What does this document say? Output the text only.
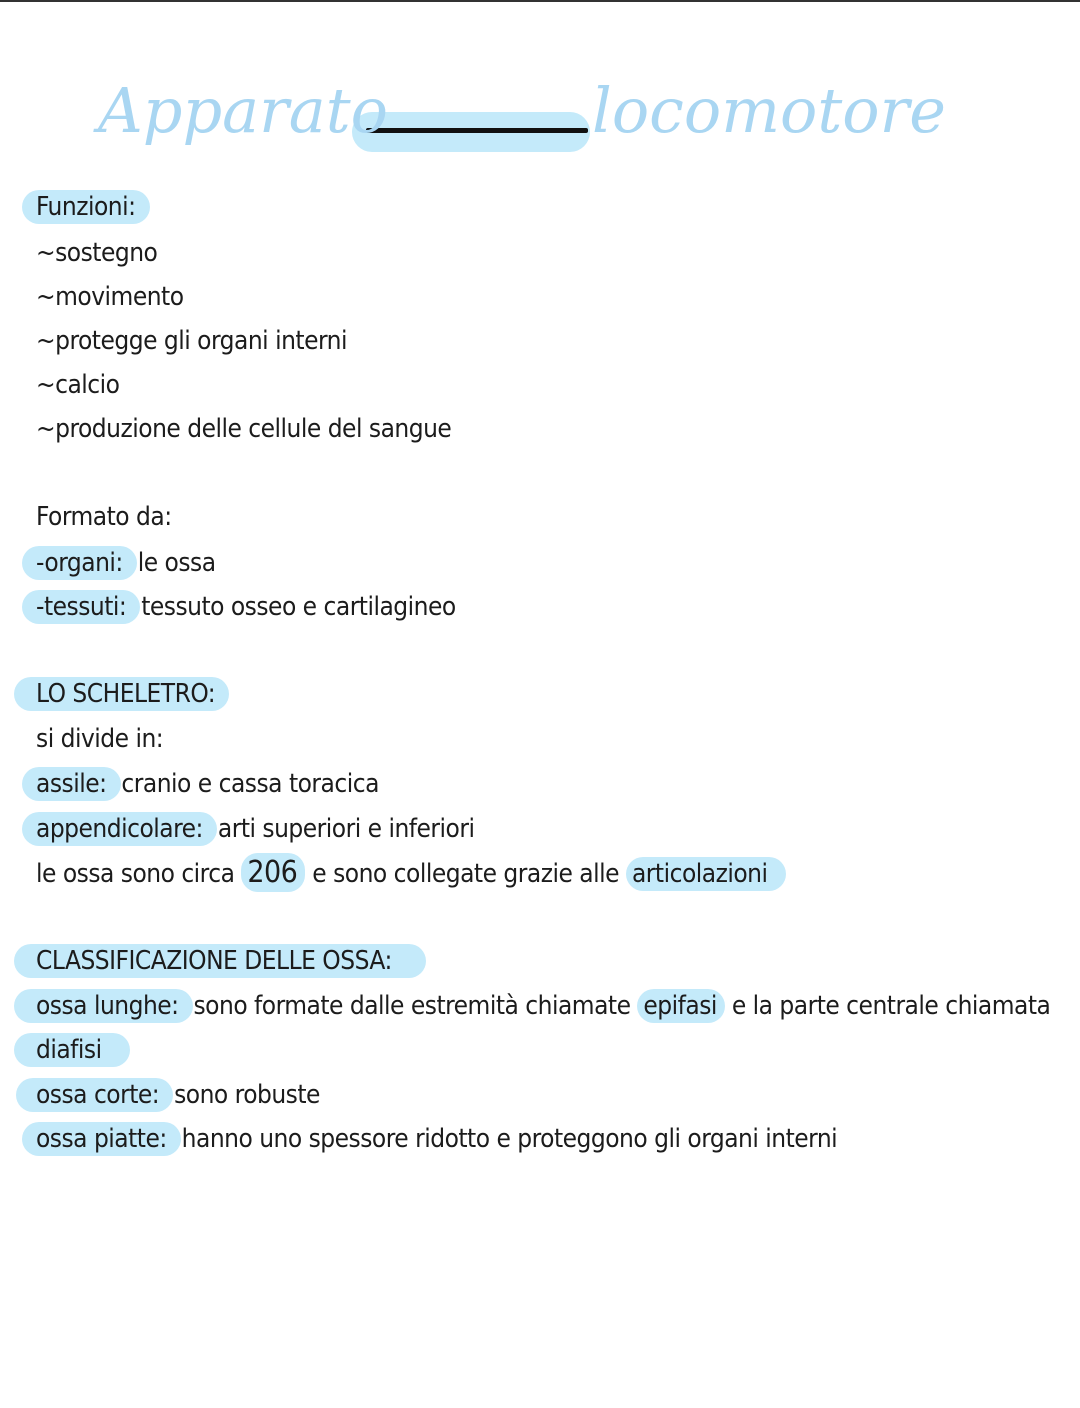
Apparato	locomotore
Funzioni:
~sostegno
~movimento
~protegge gli organi interni
~calcio
~produzione delle cellule del sangue
Formato da:
-organi: le ossa
-tessuti: tessuto osseo e cartilagineo
LO SCHELETRO:
si divide in:
assile: cranio e cassa toracica
appendicolare: arti superiori e inferiori
le ossa sono circa 206 e sono collegate grazie alle articolazioni
CLASSIFICAZIONE DELLE OSSA:
ossa lunghe: sono formate dalle estremità chiamate epifasi e la parte centrale chiamata
diafisi
ossa corte: sono robuste
ossa piatte: hanno uno spessore ridotto e proteggono gli organi interni
